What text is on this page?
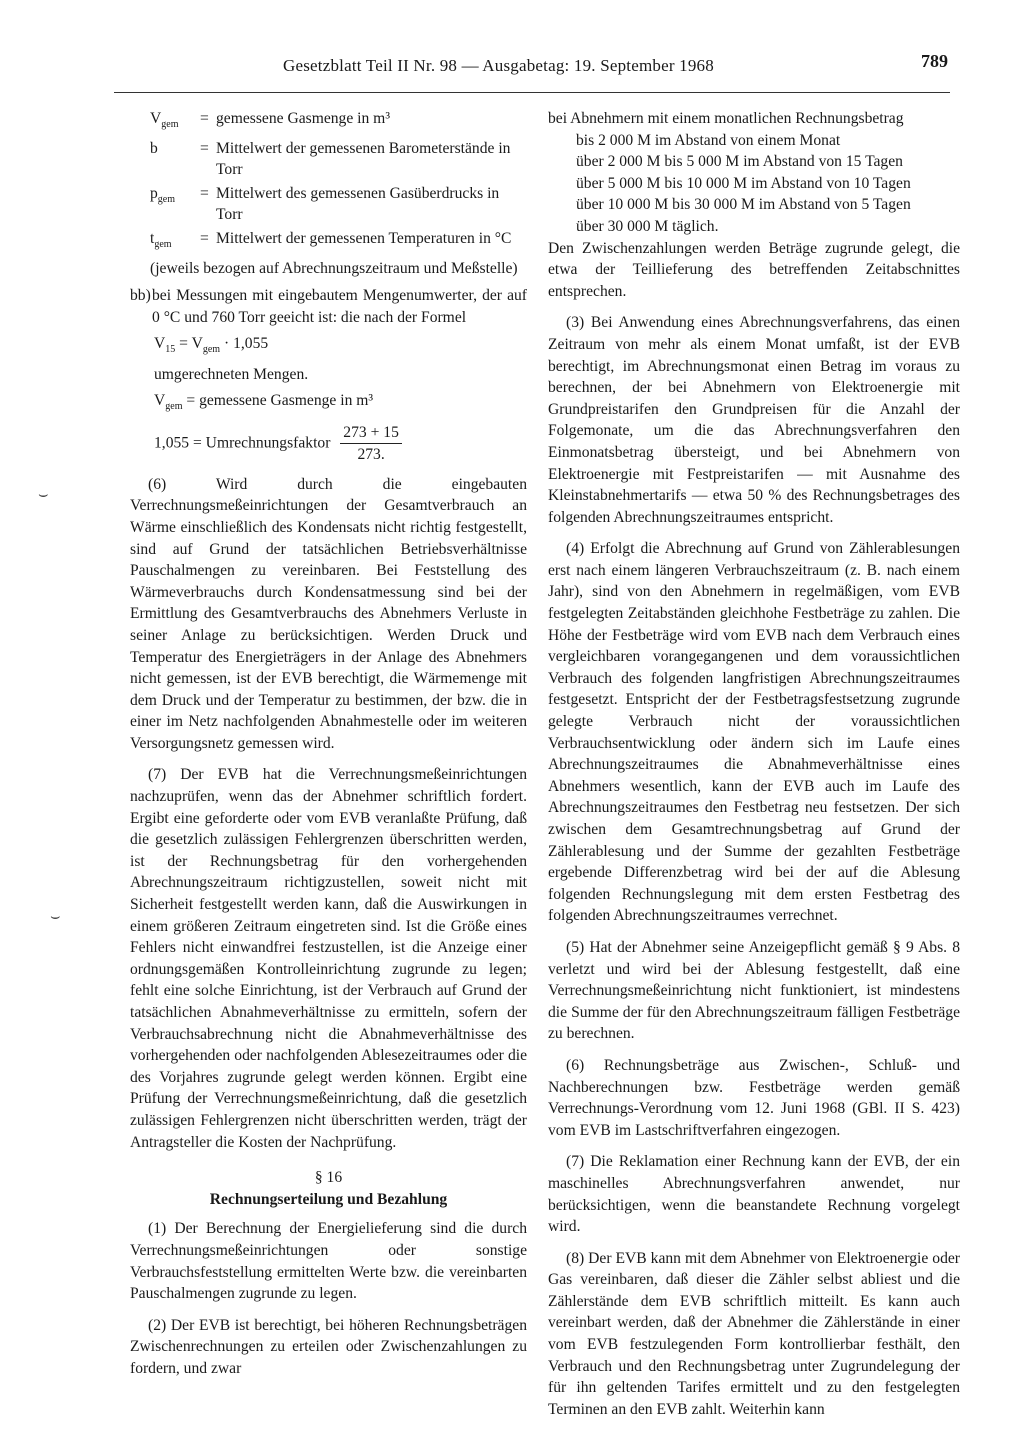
Gesetzblatt Teil II Nr. 98 — Ausgabetag: 19. September 1968	789
⌣
⌣
$V_{gem}$	= gemessene Gasmenge in m³
b	= Mittelwert der gemessenen Barometerstände in Torr
$p_{gem}$	= Mittelwert des gemessenen Gasüberdrucks in Torr
$t_{gem}$	= Mittelwert der gemessenen Temperaturen in °C

(jeweils bezogen auf Abrechnungszeitraum und Meßstelle)

bb) bei Messungen mit eingebautem Mengenumwerter, der auf 0 °C und 760 Torr geeicht ist: die nach der Formel

$V_{15} = V_{gem} \cdot 1,055$

umgerechneten Mengen.

$V_{gem}$ = gemessene Gasmenge in m³
1,055 = Umrechnungsfaktor $\frac{273 + 15}{273.}$

(6) Wird durch die eingebauten Verrechnungsmeßeinrichtungen der Gesamtverbrauch an Wärme einschließlich des Kondensats nicht richtig festgestellt, sind auf Grund der tatsächlichen Betriebsverhältnisse Pauschalmengen zu vereinbaren. Bei Feststellung des Wärmeverbrauchs durch Kondensatmessung sind bei der Ermittlung des Gesamtverbrauchs des Abnehmers Verluste in seiner Anlage zu berücksichtigen. Werden Druck und Temperatur des Energieträgers in der Anlage des Abnehmers nicht gemessen, ist der EVB berechtigt, die Wärmemenge mit dem Druck und der Temperatur zu bestimmen, der bzw. die in einer im Netz nachfolgenden Abnahmestelle oder im weiteren Versorgungsnetz gemessen wird.

(7) Der EVB hat die Verrechnungsmeßeinrichtungen nachzuprüfen, wenn das der Abnehmer schriftlich fordert. Ergibt eine geforderte oder vom EVB veranlaßte Prüfung, daß die gesetzlich zulässigen Fehlergrenzen überschritten werden, ist der Rechnungsbetrag für den vorhergehenden Abrechnungszeitraum richtigzustellen, soweit nicht mit Sicherheit festgestellt werden kann, daß die Auswirkungen in einem größeren Zeitraum eingetreten sind. Ist die Größe eines Fehlers nicht einwandfrei festzustellen, ist die Anzeige einer ordnungsgemäßen Kontrolleinrichtung zugrunde zu legen; fehlt eine solche Einrichtung, ist der Verbrauch auf Grund der tatsächlichen Abnahmeverhältnisse zu ermitteln, sofern der Verbrauchsabrechnung nicht die Abnahmeverhältnisse des vorhergehenden oder nachfolgenden Ablesezeitraumes oder die des Vorjahres zugrunde gelegt werden können. Ergibt eine Prüfung der Verrechnungsmeßeinrichtung, daß die gesetzlich zulässigen Fehlergrenzen nicht überschritten werden, trägt der Antragsteller die Kosten der Nachprüfung.

§ 16

Rechnungserteilung und Bezahlung

(1) Der Berechnung der Energielieferung sind die durch Verrechnungsmeßeinrichtungen oder sonstige Verbrauchsfeststellung ermittelten Werte bzw. die vereinbarten Pauschalmengen zugrunde zu legen.

(2) Der EVB ist berechtigt, bei höheren Rechnungsbeträgen Zwischenrechnungen zu erteilen oder Zwischenzahlungen zu fordern, und zwar

bei Abnehmern mit einem monatlichen Rechnungsbetrag

bis 2 000 M im Abstand von einem Monat
über 2 000 M bis 5 000 M im Abstand von 15 Tagen
über 5 000 M bis 10 000 M im Abstand von 10 Tagen
über 10 000 M bis 30 000 M im Abstand von 5 Tagen
über 30 000 M täglich.

Den Zwischenzahlungen werden Beträge zugrunde gelegt, die etwa der Teillieferung des betreffenden Zeitabschnittes entsprechen.

(3) Bei Anwendung eines Abrechnungsverfahrens, das einen Zeitraum von mehr als einem Monat umfaßt, ist der EVB berechtigt, im Abrechnungsmonat einen Betrag im voraus zu berechnen, der bei Abnehmern von Elektroenergie mit Grundpreistarifen den Grundpreisen für die Anzahl der Folgemonate, um die das Abrechnungsverfahren den Einmonatsbetrag übersteigt, und bei Abnehmern von Elektroenergie mit Festpreistarifen — mit Ausnahme des Kleinstabnehmertarifs — etwa 50 % des Rechnungsbetrages des folgenden Abrechnungszeitraumes entspricht.

(4) Erfolgt die Abrechnung auf Grund von Zählerablesungen erst nach einem längeren Verbrauchszeitraum (z. B. nach einem Jahr), sind von den Abnehmern in regelmäßigen, vom EVB festgelegten Zeitabständen gleichhohe Festbeträge zu zahlen. Die Höhe der Festbeträge wird vom EVB nach dem Verbrauch eines vergleichbaren vorangegangenen und dem voraussichtlichen Verbrauch des folgenden langfristigen Abrechnungszeitraumes festgesetzt. Entspricht der der Festbetragsfestsetzung zugrunde gelegte Verbrauch nicht der voraussichtlichen Verbrauchsentwicklung oder ändern sich im Laufe eines Abrechnungszeitraumes die Abnahmeverhältnisse eines Abnehmers wesentlich, kann der EVB auch im Laufe des Abrechnungszeitraumes den Festbetrag neu festsetzen. Der sich zwischen dem Gesamtrechnungsbetrag auf Grund der Zählerablesung und der Summe der gezahlten Festbeträge ergebende Differenzbetrag wird bei der auf die Ablesung folgenden Rechnungslegung mit dem ersten Festbetrag des folgenden Abrechnungszeitraumes verrechnet.

(5) Hat der Abnehmer seine Anzeigepflicht gemäß § 9 Abs. 8 verletzt und wird bei der Ablesung festgestellt, daß eine Verrechnungsmeßeinrichtung nicht funktioniert, ist mindestens die Summe der für den Abrechnungszeitraum fälligen Festbeträge zu berechnen.

(6) Rechnungsbeträge aus Zwischen-, Schluß- und Nachberechnungen bzw. Festbeträge werden gemäß Verrechnungs-Verordnung vom 12. Juni 1968 (GBl. II S. 423) vom EVB im Lastschriftverfahren eingezogen.

(7) Die Reklamation einer Rechnung kann der EVB, der ein maschinelles Abrechnungsverfahren anwendet, nur berücksichtigen, wenn die beanstandete Rechnung vorgelegt wird.

(8) Der EVB kann mit dem Abnehmer von Elektroenergie oder Gas vereinbaren, daß dieser die Zähler selbst abliest und die Zählerstände dem EVB schriftlich mitteilt. Es kann auch vereinbart werden, daß der Abnehmer die Zählerstände in einer vom EVB festzulegenden Form kontrollierbar festhält, den Verbrauch und den Rechnungsbetrag unter Zugrundelegung der für ihn geltenden Tarifes ermittelt und zu den festgelegten Terminen an den EVB zahlt. Weiterhin kann
